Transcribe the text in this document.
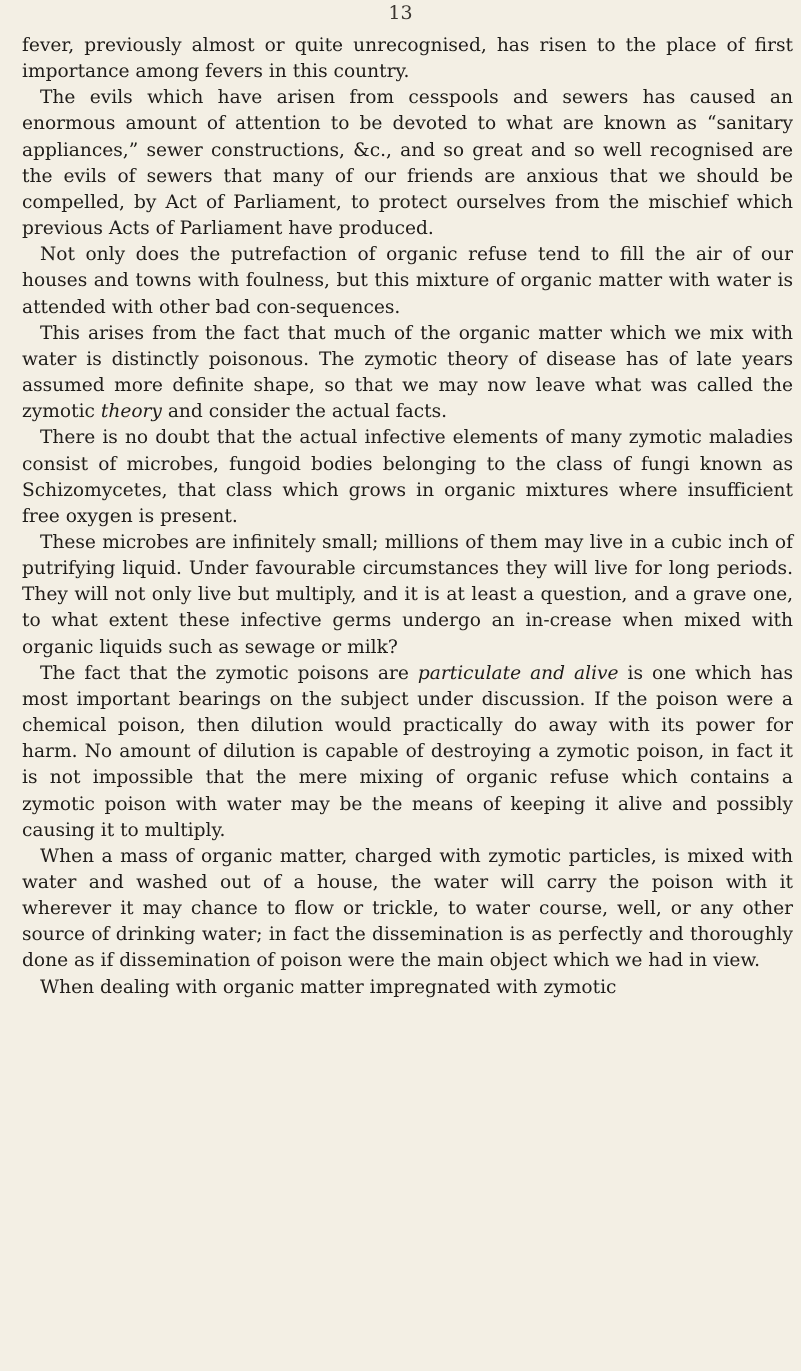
13

fever, previously almost or quite unrecognised, has risen to the place of first importance among fevers in this country.

The evils which have arisen from cesspools and sewers has caused an enormous amount of attention to be devoted to what are known as “sanitary appliances,” sewer constructions, &c., and so great and so well recognised are the evils of sewers that many of our friends are anxious that we should be compelled, by Act of Parliament, to protect ourselves from the mischief which previous Acts of Parliament have produced.

Not only does the putrefaction of organic refuse tend to fill the air of our houses and towns with foulness, but this mixture of organic matter with water is attended with other bad con-sequences.

This arises from the fact that much of the organic matter which we mix with water is distinctly poisonous. The zymotic theory of disease has of late years assumed more definite shape, so that we may now leave what was called the zymotic theory and consider the actual facts.

There is no doubt that the actual infective elements of many zymotic maladies consist of microbes, fungoid bodies belonging to the class of fungi known as Schizomycetes, that class which grows in organic mixtures where insufficient free oxygen is present.

These microbes are infinitely small; millions of them may live in a cubic inch of putrifying liquid. Under favourable circumstances they will live for long periods. They will not only live but multiply, and it is at least a question, and a grave one, to what extent these infective germs undergo an in-crease when mixed with organic liquids such as sewage or milk?

The fact that the zymotic poisons are particulate and alive is one which has most important bearings on the subject under discussion. If the poison were a chemical poison, then dilution would practically do away with its power for harm. No amount of dilution is capable of destroying a zymotic poison, in fact it is not impossible that the mere mixing of organic refuse which contains a zymotic poison with water may be the means of keeping it alive and possibly causing it to multiply.

When a mass of organic matter, charged with zymotic particles, is mixed with water and washed out of a house, the water will carry the poison with it wherever it may chance to flow or trickle, to water course, well, or any other source of drinking water; in fact the dissemination is as perfectly and thoroughly done as if dissemination of poison were the main object which we had in view.

When dealing with organic matter impregnated with zymotic
